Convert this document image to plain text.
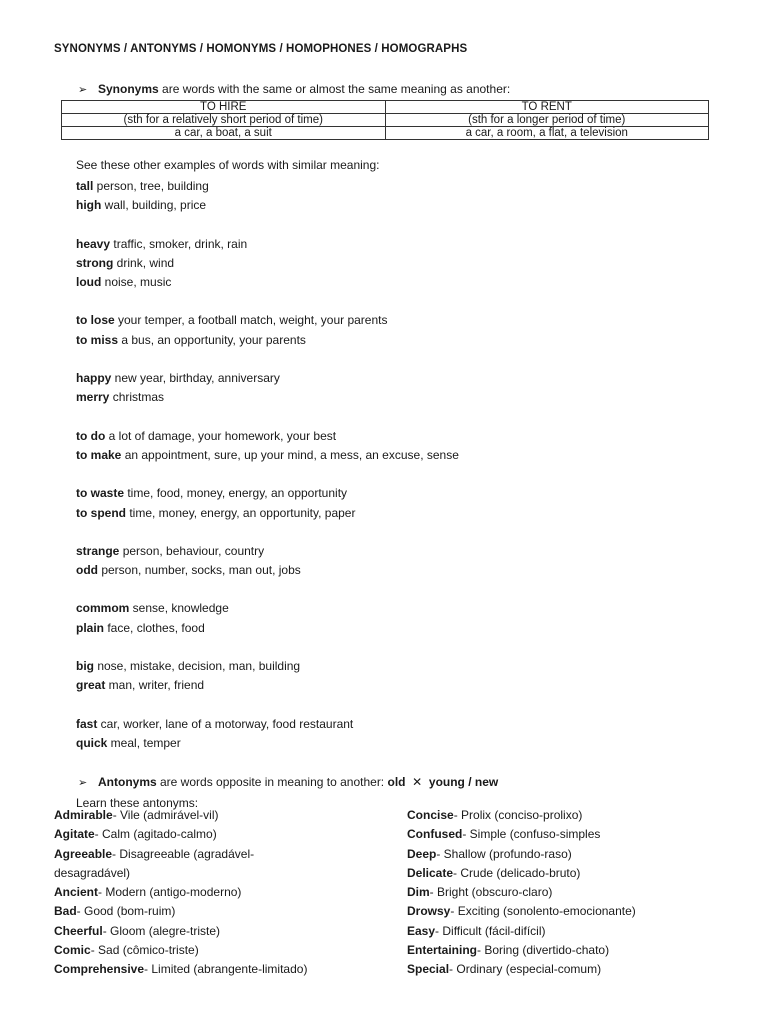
SYNONYMS / ANTONYMS / HOMONYMS / HOMOPHONES / HOMOGRAPHS
➢ Synonyms are words with the same or almost the same meaning as another:
TO HIRE	TO RENT
(sth for a relatively short period of time)	(sth for a longer period of time)
a car, a boat, a suit	a car, a room, a flat, a television
See these other examples of words with similar meaning:
tall person, tree, building
high wall, building, price
heavy traffic, smoker, drink, rain
strong drink, wind
loud noise, music
to lose your temper, a football match, weight, your parents
to miss a bus, an opportunity, your parents
happy new year, birthday, anniversary
merry christmas
to do a lot of damage, your homework, your best
to make an appointment, sure, up your mind, a mess, an excuse, sense
to waste time, food, money, energy, an opportunity
to spend time, money, energy, an opportunity, paper
strange person, behaviour, country
odd person, number, socks, man out, jobs
commom sense, knowledge
plain face, clothes, food
big nose, mistake, decision, man, building
great man, writer, friend
fast car, worker, lane of a motorway, food restaurant
quick meal, temper
➢ Antonyms are words opposite in meaning to another: old ✕ young / new
Learn these antonyms:
Admirable- Vile (admirável-vil)
Agitate- Calm (agitado-calmo)
Agreeable- Disagreeable (agradável-
desagradável)
Ancient- Modern (antigo-moderno)
Bad- Good (bom-ruim)
Cheerful- Gloom (alegre-triste)
Comic- Sad (cômico-triste)
Comprehensive- Limited (abrangente-limitado)
Concise- Prolix (conciso-prolixo)
Confused- Simple (confuso-simples
Deep- Shallow (profundo-raso)
Delicate- Crude (delicado-bruto)
Dim- Bright (obscuro-claro)
Drowsy- Exciting (sonolento-emocionante)
Easy- Difficult (fácil-difícil)
Entertaining- Boring (divertido-chato)
Special- Ordinary (especial-comum)
